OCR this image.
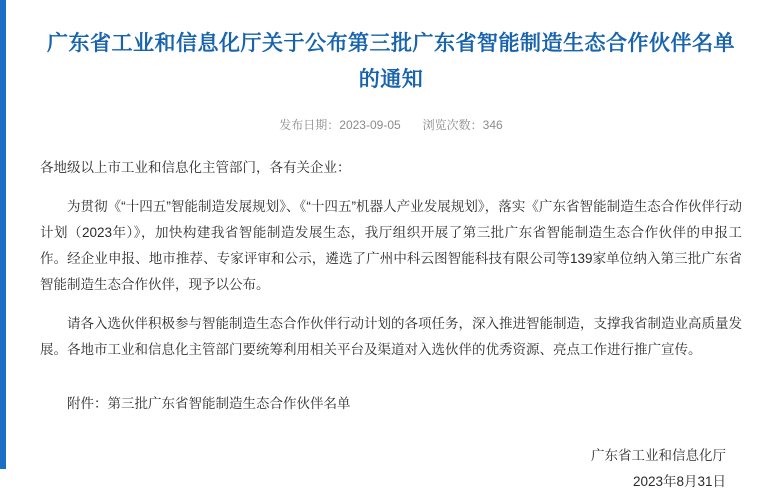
广东省工业和信息化厅关于公布第三批广东省智能制造生态合作伙伴名单的通知
发布日期：2023-09-05 浏览次数：346

各地级以上市工业和信息化主管部门，各有关企业：

为贯彻《“十四五”智能制造发展规划》、《“十四五”机器人产业发展规划》，落实《广东省智能制造生态合作伙伴行动计划（2023年）》，加快构建我省智能制造发展生态，我厅组织开展了第三批广东省智能制造生态合作伙伴的申报工作。经企业申报、地市推荐、专家评审和公示，遴选了广州中科云图智能科技有限公司等139家单位纳入第三批广东省智能制造生态合作伙伴，现予以公布。

请各入选伙伴积极参与智能制造生态合作伙伴行动计划的各项任务，深入推进智能制造，支撑我省制造业高质量发展。各地市工业和信息化主管部门要统筹利用相关平台及渠道对入选伙伴的优秀资源、亮点工作进行推广宣传。

附件：第三批广东省智能制造生态合作伙伴名单
广东省工业和信息化厅
2023年8月31日
